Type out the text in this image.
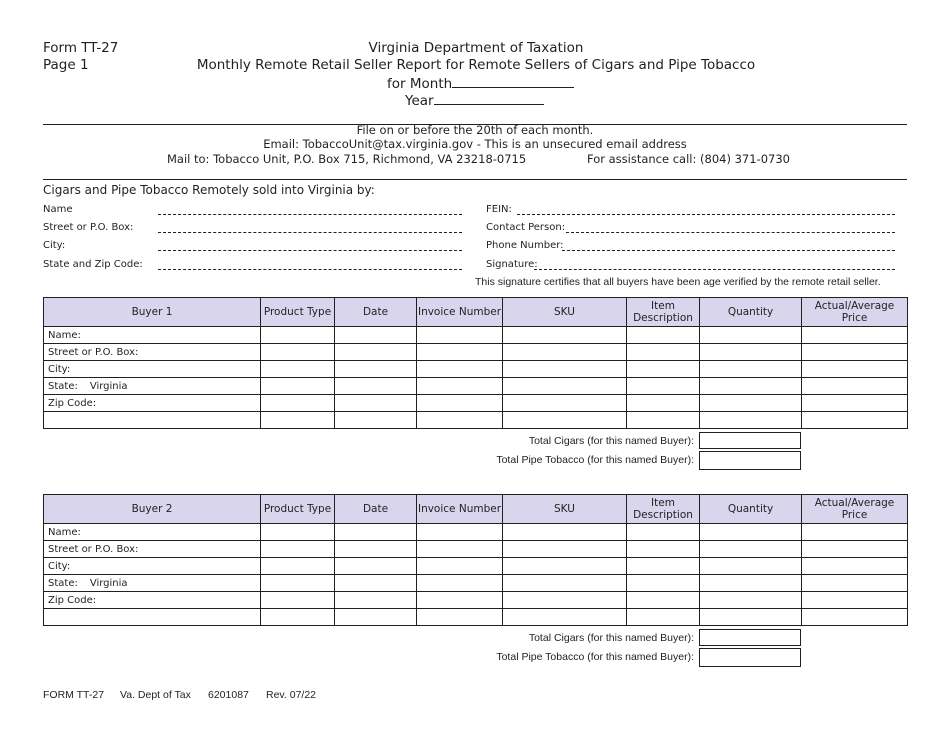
Form TT-27
Page 1
Virginia Department of Taxation
Monthly Remote Retail Seller Report for Remote Sellers of Cigars and Pipe Tobacco
for Month
Year
File on or before the 20th of each month.
Email: TobaccoUnit@tax.virginia.gov - This is an unsecured email address
Mail to: Tobacco Unit, P.O. Box 715, Richmond, VA 23218-0715	For assistance call: (804) 371-0730
Cigars and Pipe Tobacco Remotely sold into Virginia by:
Name
Street or P.O. Box:
City:
State and Zip Code:
FEIN:
Contact Person:
Phone Number:
Signature:
This signature certifies that all buyers have been age verified by the remote retail seller.
Buyer 1	Product Type	Date	Invoice Number	SKU	Item Description	Quantity	Actual/Average Price
Name:							
Street or P.O. Box:							
City:							
State: Virginia							
Zip Code:							

Total Cigars (for this named Buyer):
Total Pipe Tobacco (for this named Buyer):
Buyer 2	Product Type	Date	Invoice Number	SKU	Item Description	Quantity	Actual/Average Price
Name:							
Street or P.O. Box:							
City:							
State: Virginia							
Zip Code:							

Total Cigars (for this named Buyer):
Total Pipe Tobacco (for this named Buyer):
FORM TT-27 Va. Dept of Tax 6201087 Rev. 07/22
